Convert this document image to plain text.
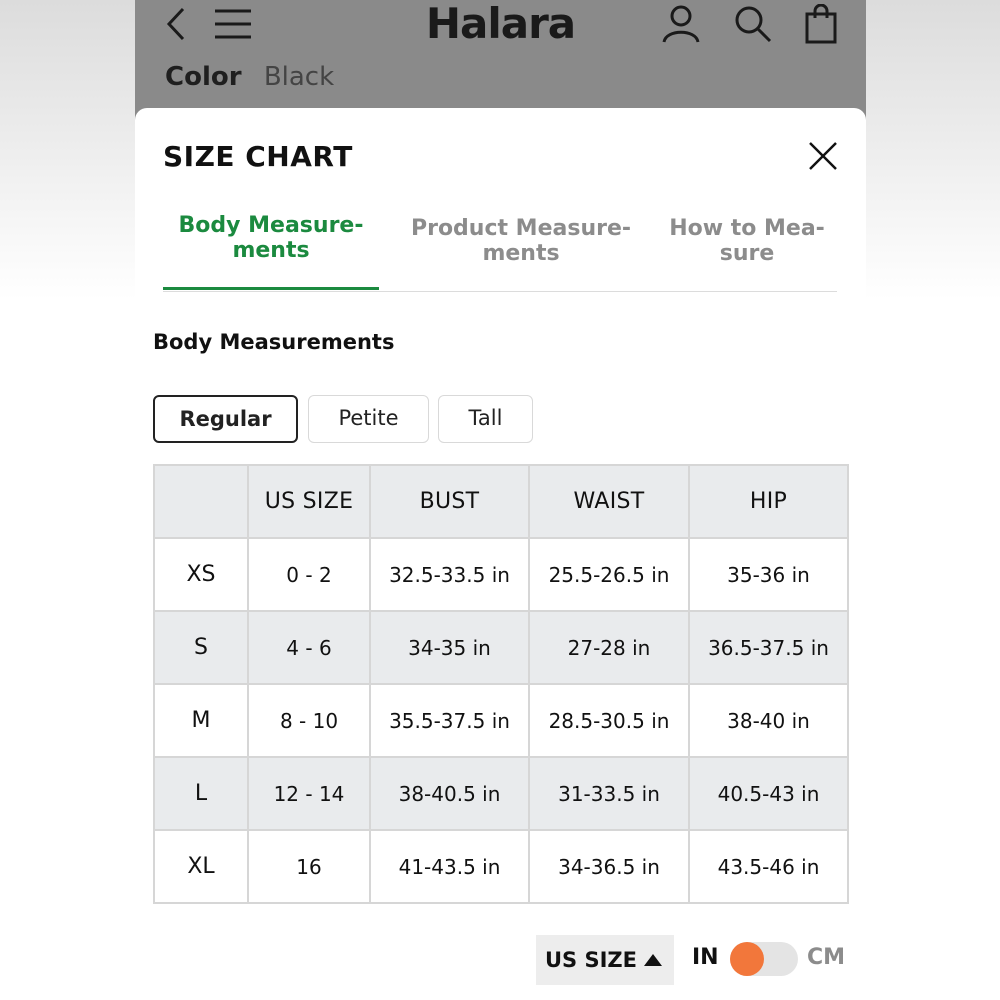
Halara
Color Black
SIZE CHART
Body Measure-
ments
Product Measure-
ments
How to Mea-
sure
Body Measurements
Regular	Petite	Tall
	US SIZE	BUST	WAIST	HIP
XS	0 - 2	32.5-33.5 in	25.5-26.5 in	35-36 in
S	4 - 6	34-35 in	27-28 in	36.5-37.5 in
M	8 - 10	35.5-37.5 in	28.5-30.5 in	38-40 in
L	12 - 14	38-40.5 in	31-33.5 in	40.5-43 in
XL	16	41-43.5 in	34-36.5 in	43.5-46 in
US SIZE	IN	CM
